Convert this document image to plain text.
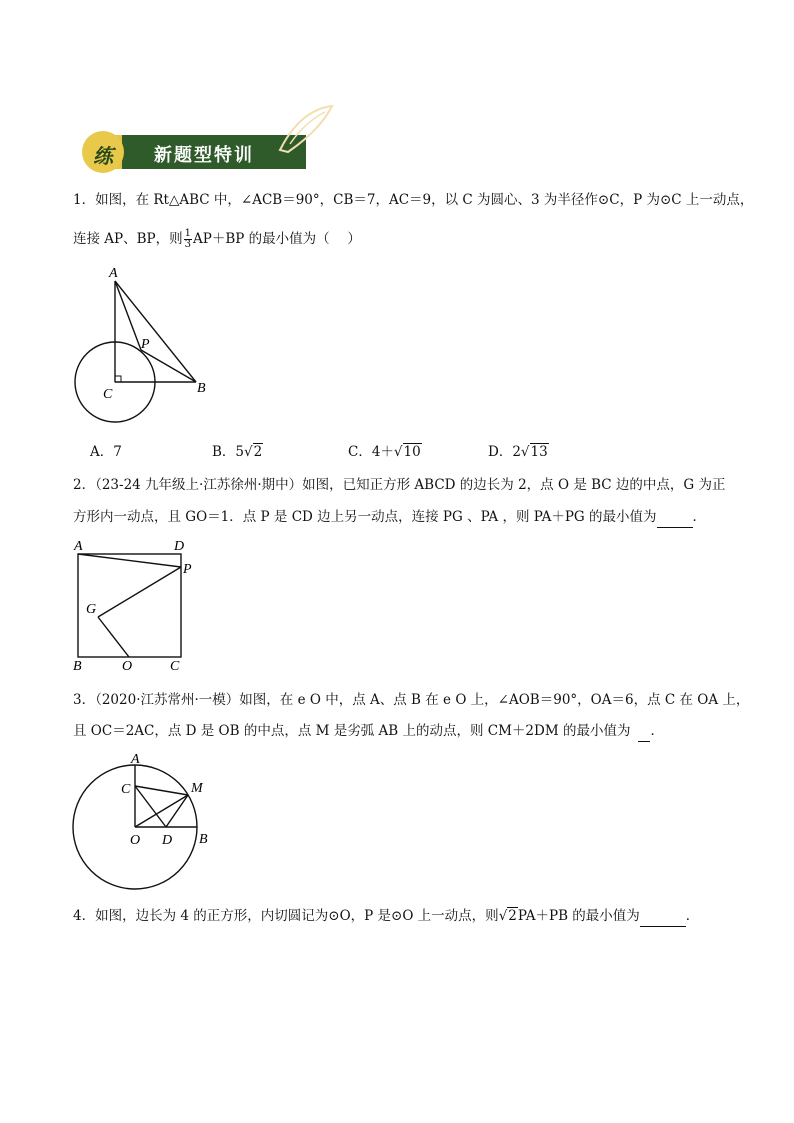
练	新题型特训
1．如图，在 Rt△ABC 中，∠ACB＝90°，CB＝7，AC＝9，以 C 为圆心、3 为半径作⊙C，P 为⊙C 上一动点，
连接 AP、BP，则 $\frac{1}{3} AP+BP$ 的最小值为（　 ）
A
P
C	B
A．7	B．5√2	C．4＋√10	D．2√13
2．（23-24 九年级上·江苏徐州·期中）如图，已知正方形 ABCD 的边长为 2，点 O 是 BC 边的中点，G 为正
方形内一动点，且 GO＝1．点 P 是 CD 边上另一动点，连接 PG 、PA ，则 PA＋PG 的最小值为	．
A	D
P
G
B	O	C
3．（2020·江苏常州·一模）如图，在 e O 中，点 A、点 B 在 e O 上，∠AOB＝90°，OA＝6，点 C 在 OA 上，
且 OC＝2AC，点 D 是 OB 的中点，点 M 是劣弧 AB 上的动点，则 CM＋2DM 的最小值为 ．
A
C	M
O D B
4．如图，边长为 4 的正方形，内切圆记为⊙O，P 是⊙O 上一动点，则√2PA＋PB 的最小值为	．
